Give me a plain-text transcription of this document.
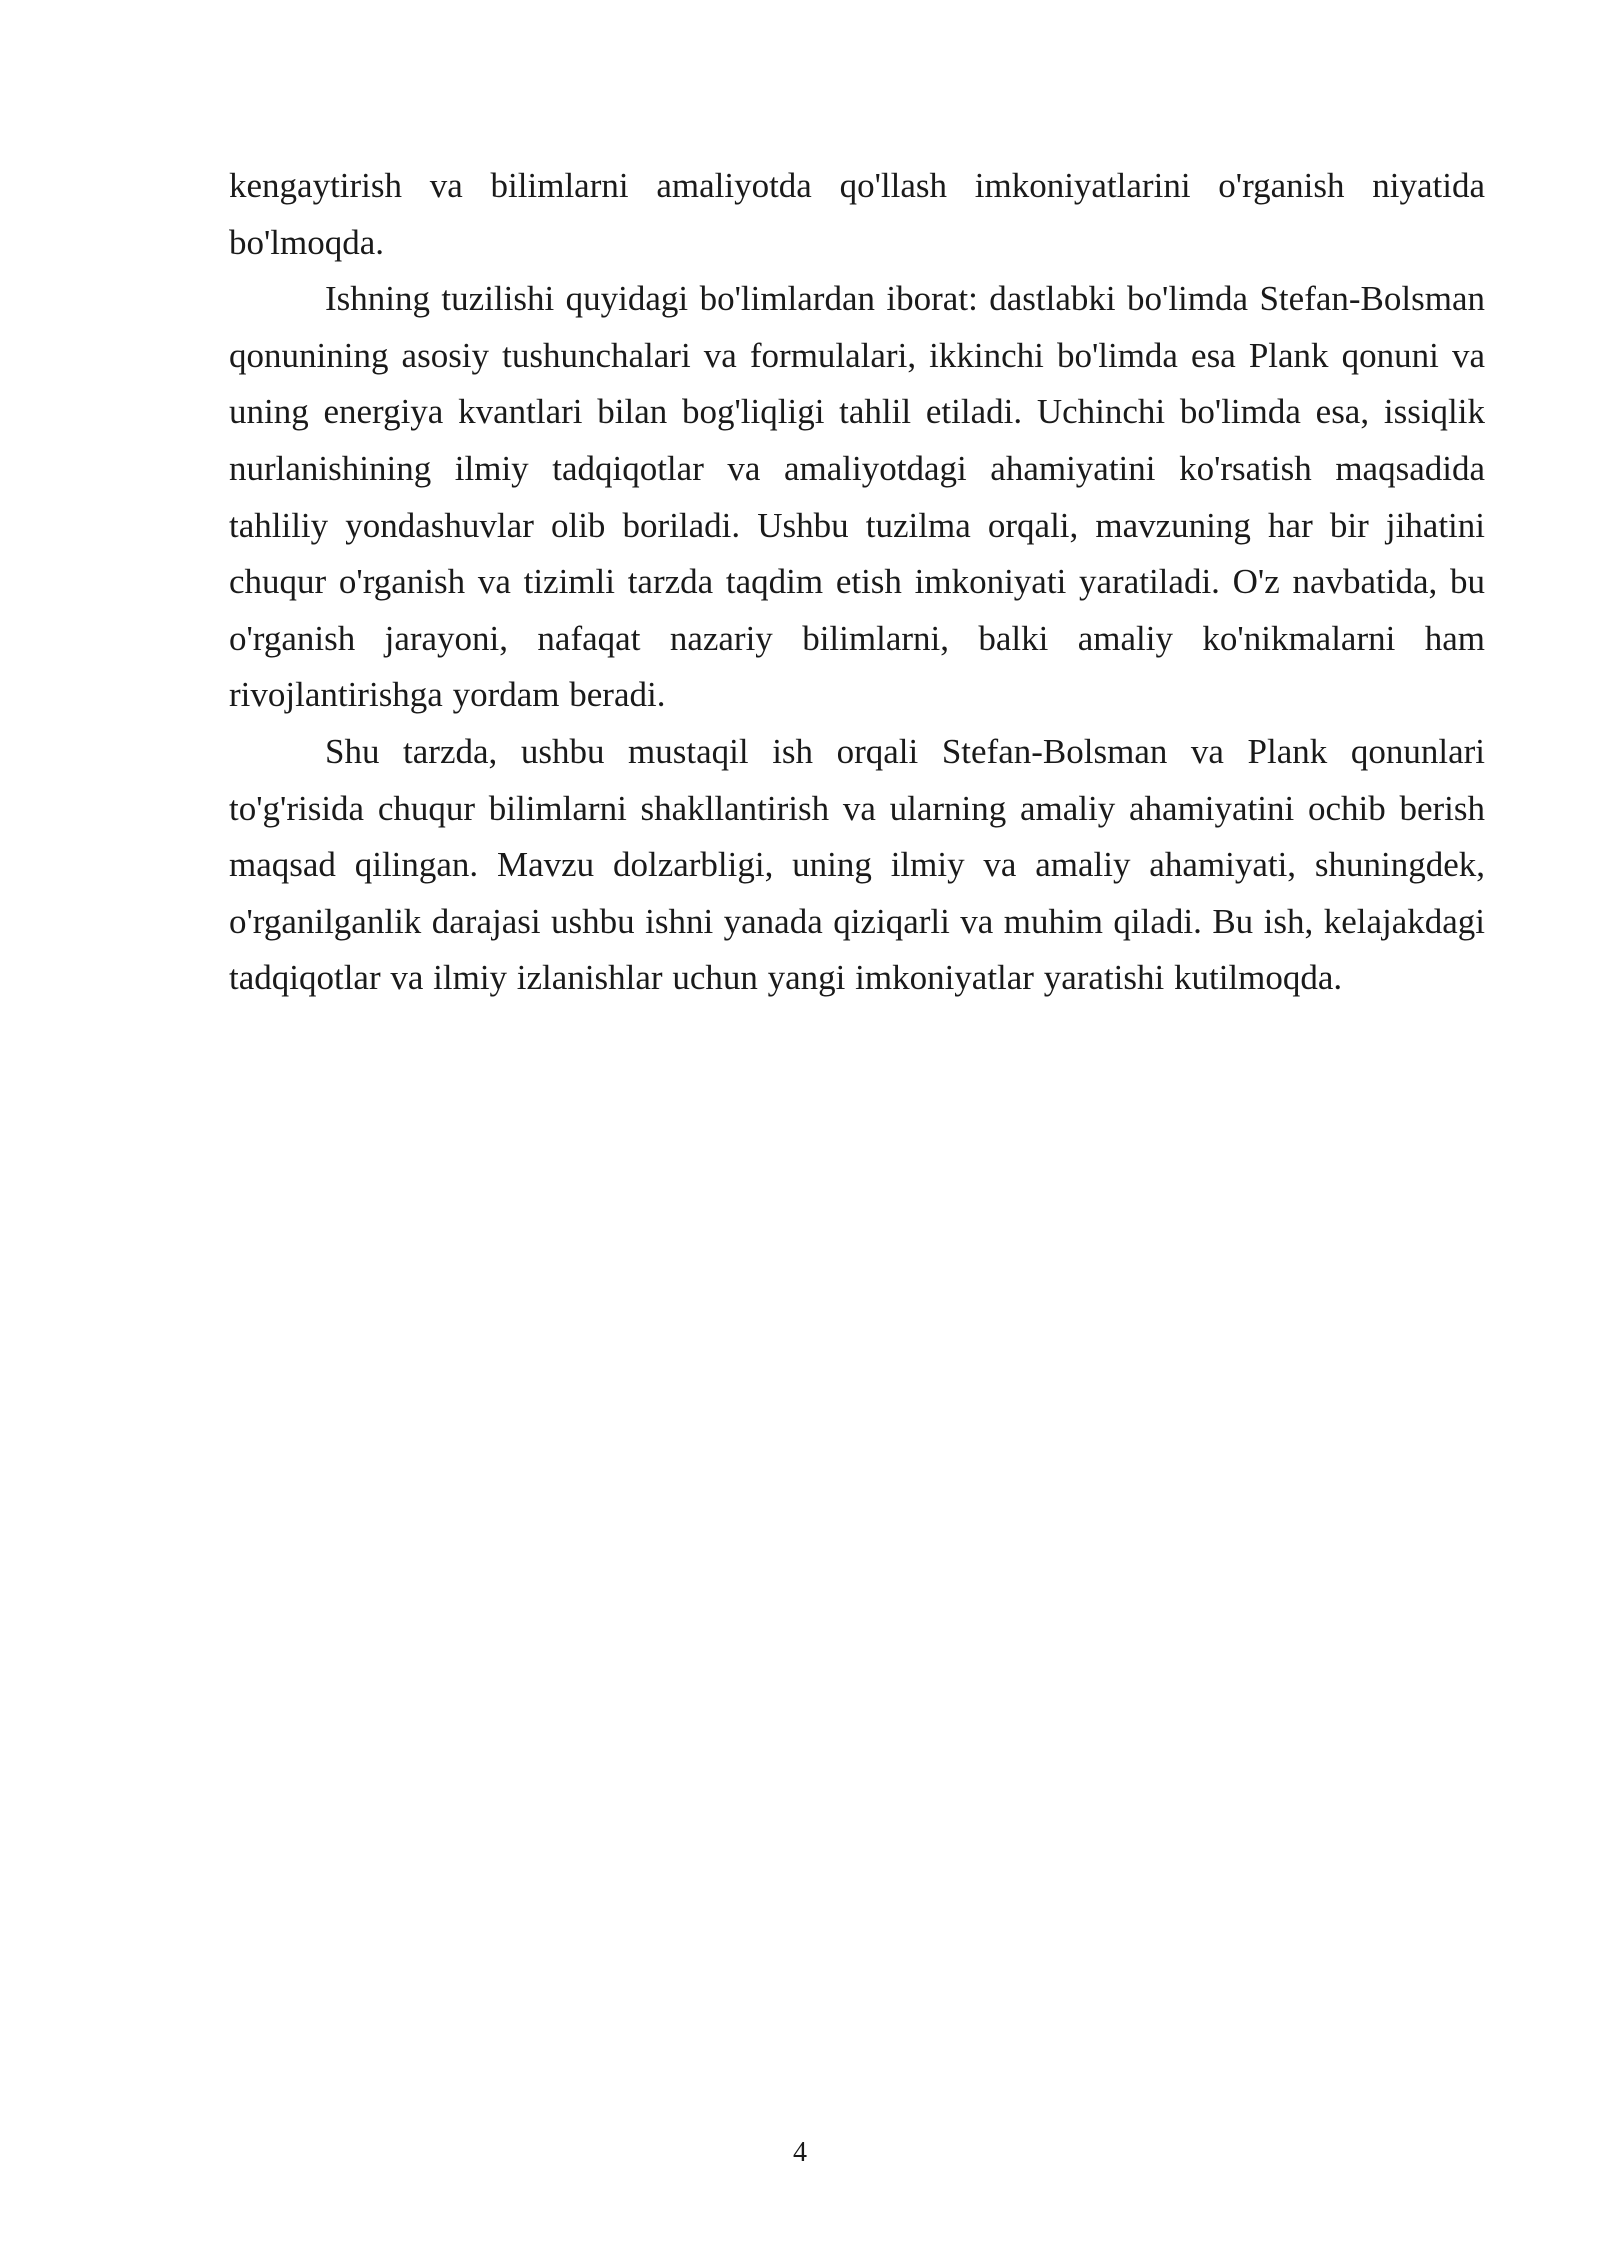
kengaytirish va bilimlarni amaliyotda qo'llash imkoniyatlarini o'rganish niyatida bo'lmoqda.

Ishning tuzilishi quyidagi bo'limlardan iborat: dastlabki bo'limda Stefan-Bolsman qonunining asosiy tushunchalari va formulalari, ikkinchi bo'limda esa Plank qonuni va uning energiya kvantlari bilan bog'liqligi tahlil etiladi. Uchinchi bo'limda esa, issiqlik nurlanishining ilmiy tadqiqotlar va amaliyotdagi ahamiyatini ko'rsatish maqsadida tahliliy yondashuvlar olib boriladi. Ushbu tuzilma orqali, mavzuning har bir jihatini chuqur o'rganish va tizimli tarzda taqdim etish imkoniyati yaratiladi. O'z navbatida, bu o'rganish jarayoni, nafaqat nazariy bilimlarni, balki amaliy ko'nikmalarni ham rivojlantirishga yordam beradi.

Shu tarzda, ushbu mustaqil ish orqali Stefan-Bolsman va Plank qonunlari to'g'risida chuqur bilimlarni shakllantirish va ularning amaliy ahamiyatini ochib berish maqsad qilingan. Mavzu dolzarbligi, uning ilmiy va amaliy ahamiyati, shuningdek, o'rganilganlik darajasi ushbu ishni yanada qiziqarli va muhim qiladi. Bu ish, kelajakdagi tadqiqotlar va ilmiy izlanishlar uchun yangi imkoniyatlar yaratishi kutilmoqda.

4
